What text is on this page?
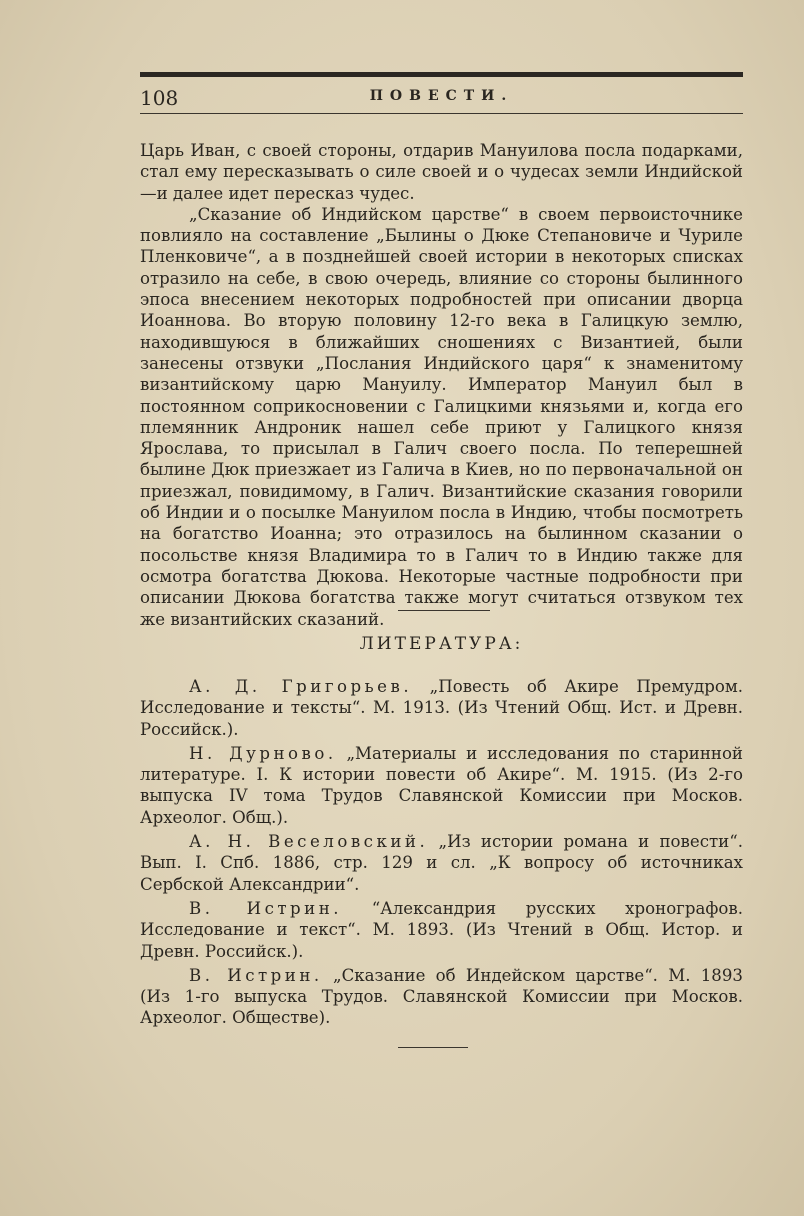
108	ПОВЕСТИ.

Царь Иван, с своей стороны, отдарив Мануилова посла подарками, стал ему пересказывать о силе своей и о чудесах земли Индийской—и далее идет пересказ чудес.

„Сказание об Индийском царстве“ в своем первоисточнике повлияло на составление „Былины о Дюке Степановиче и Чуриле Пленковиче“, а в позднейшей своей истории в некоторых списках отразило на себе, в свою очередь, влияние со стороны былинного эпоса внесением некоторых подробностей при описании дворца Иоаннова. Во вторую половину 12-го века в Галицкую землю, находившуюся в ближайших сношениях с Византией, были занесены отзвуки „Послания Индийского царя“ к знаменитому византийскому царю Мануилу. Император Мануил был в постоянном соприкосновении с Галицкими князьями и, когда его племянник Андроник нашел себе приют у Галицкого князя Ярослава, то присылал в Галич своего посла. По теперешней былине Дюк приезжает из Галича в Киев, но по первоначальной он приезжал, повидимому, в Галич. Византийские сказания говорили об Индии и о посылке Мануилом посла в Индию, чтобы посмотреть на богатство Иоанна; это отразилось на былинном сказании о посольстве князя Владимира то в Галич то в Индию также для осмотра богатства Дюкова. Некоторые частные подробности при описании Дюкова богатства также могут считаться отзвуком тех же византийских сказаний.

ЛИТЕРАТУРА:

А. Д. Григорьев. „Повесть об Акире Премудром. Исследование и тексты“. М. 1913. (Из Чтений Общ. Ист. и Древн. Российск.).

Н. Дурново. „Материалы и исследования по старинной литературе. I. К истории повести об Акире“. М. 1915. (Из 2-го выпуска IV тома Трудов Славянской Комиссии при Москов. Археолог. Общ.).

А. Н. Веселовский. „Из истории романа и повести“. Вып. I. Спб. 1886, стр. 129 и сл. „К вопросу об источниках Сербской Александрии“.

В. Истрин. “Александрия русских хронографов. Исследование и текст“. М. 1893. (Из Чтений в Общ. Истор. и Древн. Российск.).

В. Истрин. „Сказание об Индейском царстве“. М. 1893 (Из 1-го выпуска Трудов. Славянской Комиссии при Москов. Археолог. Обществе).
